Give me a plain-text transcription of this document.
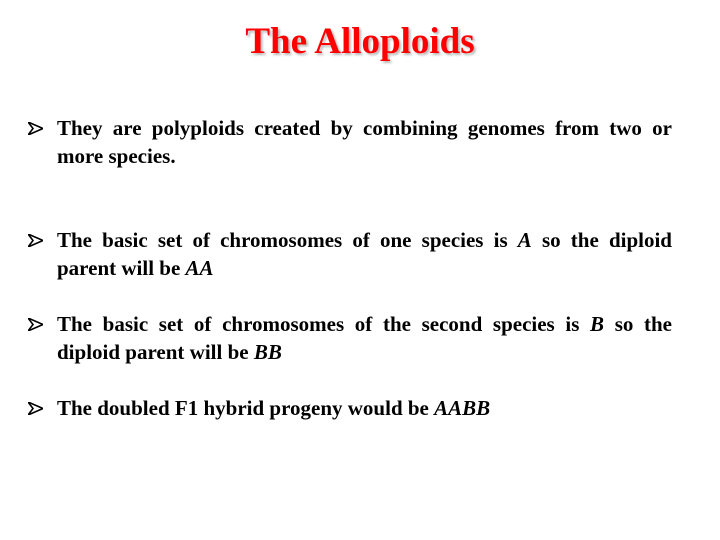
The Alloploids
They are polyploids created by combining genomes from two or more species.
The basic set of chromosomes of one species is A so the diploid parent will be AA
The basic set of chromosomes of the second species is B so the diploid parent will be BB
The doubled F1 hybrid progeny would be AABB
